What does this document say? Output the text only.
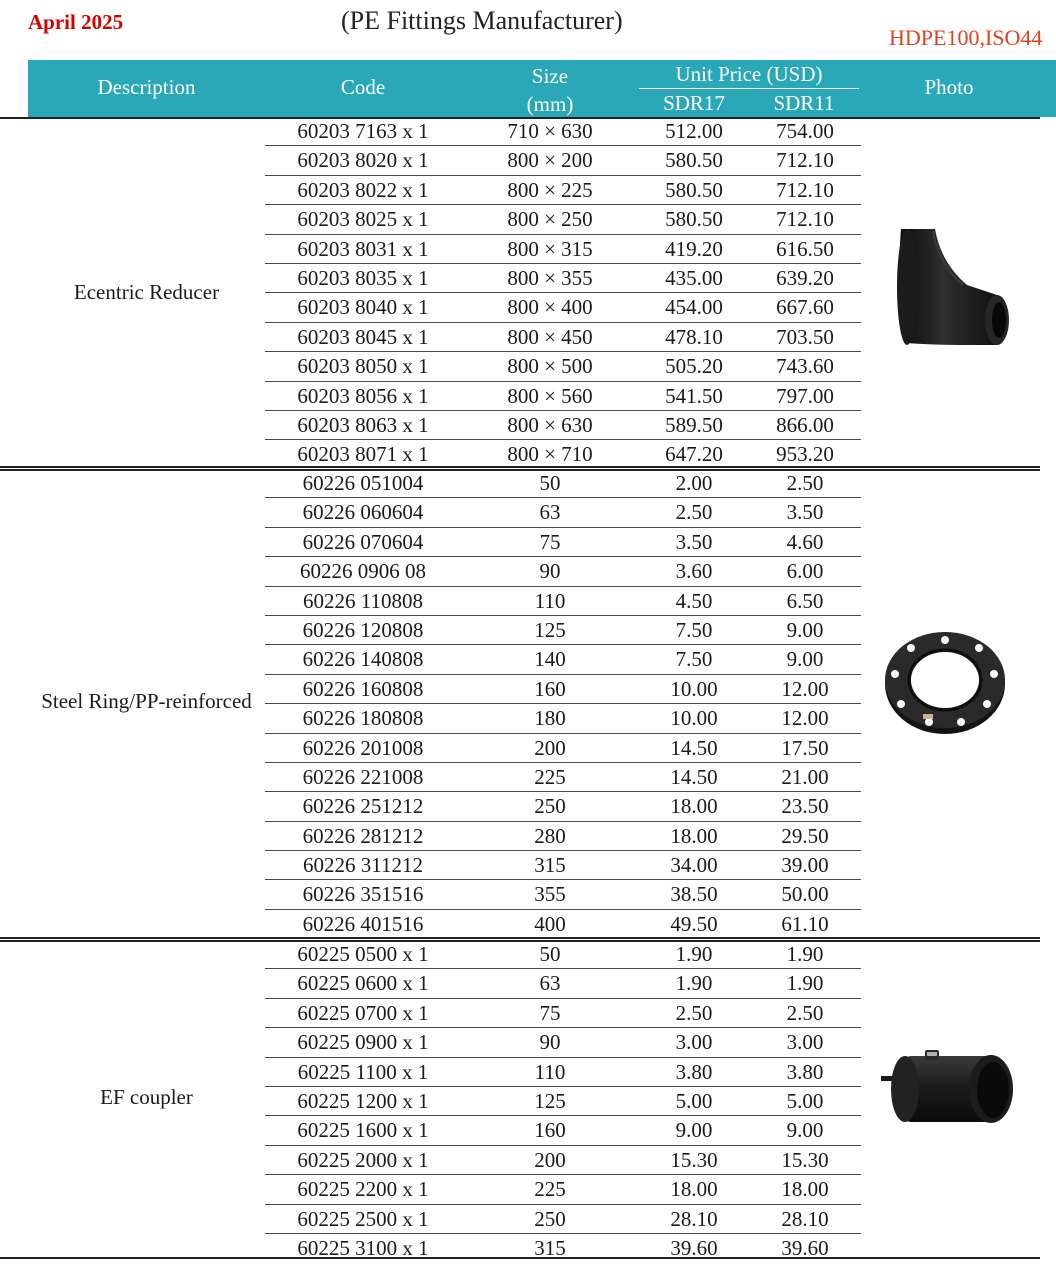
April 2025	(PE Fittings Manufacturer)
HDPE100,ISO44
Description	Code	Size
(mm)
Unit Price (USD)
SDR17	SDR11
Photo
Ecentric Reducer
60203 7163 x 1	710 × 630	512.00	754.00
60203 8020 x 1	800 × 200	580.50	712.10
60203 8022 x 1	800 × 225	580.50	712.10
60203 8025 x 1	800 × 250	580.50	712.10
60203 8031 x 1	800 × 315	419.20	616.50
60203 8035 x 1	800 × 355	435.00	639.20
60203 8040 x 1	800 × 400	454.00	667.60
60203 8045 x 1	800 × 450	478.10	703.50
60203 8050 x 1	800 × 500	505.20	743.60
60203 8056 x 1	800 × 560	541.50	797.00
60203 8063 x 1	800 × 630	589.50	866.00
60203 8071 x 1	800 × 710	647.20	953.20
Steel Ring/PP-reinforced
60226 051004	50	2.00	2.50
60226 060604	63	2.50	3.50
60226 070604	75	3.50	4.60
60226 0906 08	90	3.60	6.00
60226 110808	110	4.50	6.50
60226 120808	125	7.50	9.00
60226 140808	140	7.50	9.00
60226 160808	160	10.00	12.00
60226 180808	180	10.00	12.00
60226 201008	200	14.50	17.50
60226 221008	225	14.50	21.00
60226 251212	250	18.00	23.50
60226 281212	280	18.00	29.50
60226 311212	315	34.00	39.00
60226 351516	355	38.50	50.00
60226 401516	400	49.50	61.10
EF coupler
60225 0500 x 1	50	1.90	1.90
60225 0600 x 1	63	1.90	1.90
60225 0700 x 1	75	2.50	2.50
60225 0900 x 1	90	3.00	3.00
60225 1100 x 1	110	3.80	3.80
60225 1200 x 1	125	5.00	5.00
60225 1600 x 1	160	9.00	9.00
60225 2000 x 1	200	15.30	15.30
60225 2200 x 1	225	18.00	18.00
60225 2500 x 1	250	28.10	28.10
60225 3100 x 1	315	39.60	39.60
